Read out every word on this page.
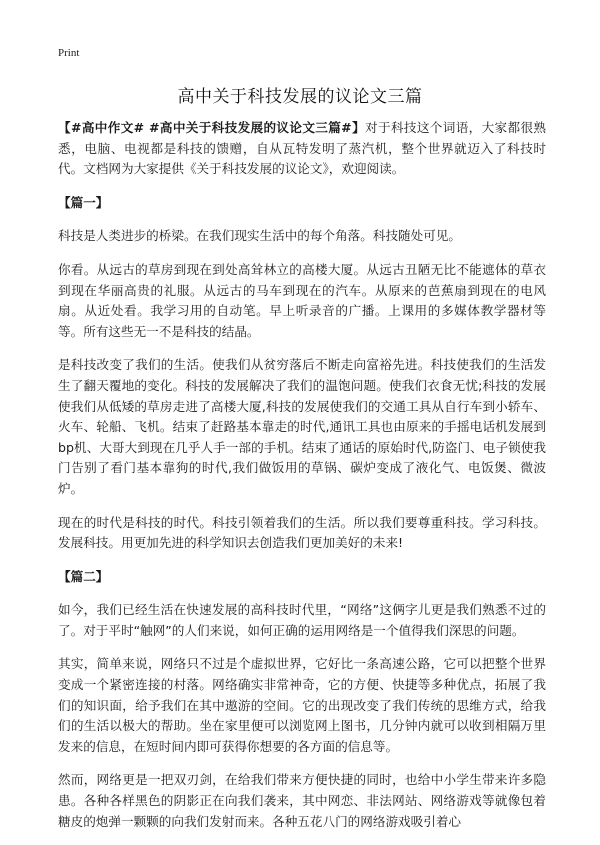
Print
高中关于科技发展的议论文三篇

【#高中作文# #高中关于科技发展的议论文三篇#】对于科技这个词语，大家都很熟悉，电脑、电视都是科技的馈赠，自从瓦特发明了蒸汽机，整个世界就迈入了科技时代。文档网为大家提供《关于科技发展的议论文》，欢迎阅读。

【篇一】

科技是人类进步的桥梁。在我们现实生活中的每个角落。科技随处可见。

你看。从远古的草房到现在到处高耸林立的高楼大厦。从远古丑陋无比不能遮体的草衣到现在华丽高贵的礼服。从远古的马车到现在的汽车。从原来的芭蕉扇到现在的电风扇。从近处看。我学习用的自动笔。早上听录音的广播。上课用的多媒体教学器材等等。所有这些无一不是科技的结晶。

是科技改变了我们的生活。使我们从贫穷落后不断走向富裕先进。科技使我们的生活发生了翻天覆地的变化。科技的发展解决了我们的温饱问题。使我们衣食无忧;科技的发展使我们从低矮的草房走进了高楼大厦,科技的发展使我们的交通工具从自行车到小轿车、火车、轮船、飞机。结束了赶路基本靠走的时代,通讯工具也由原来的手摇电话机发展到bp机、大哥大到现在几乎人手一部的手机。结束了通话的原始时代,防盗门、电子锁使我门告别了看门基本靠狗的时代,我们做饭用的草锅、碳炉变成了液化气、电饭煲、微波炉。

现在的时代是科技的时代。科技引领着我们的生活。所以我们要尊重科技。学习科技。发展科技。用更加先进的科学知识去创造我们更加美好的未来!

【篇二】

如今，我们已经生活在快速发展的高科技时代里，“网络”这俩字儿更是我们熟悉不过的了。对于平时“触网”的人们来说，如何正确的运用网络是一个值得我们深思的问题。

其实，简单来说，网络只不过是个虚拟世界，它好比一条高速公路，它可以把整个世界变成一个紧密连接的村落。网络确实非常神奇，它的方便、快捷等多种优点，拓展了我们的知识面，给予我们在其中遨游的空间。它的出现改变了我们传统的思维方式，给我们的生活以极大的帮助。坐在家里便可以浏览网上图书，几分钟内就可以收到相隔万里发来的信息，在短时间内即可获得你想要的各方面的信息等。

然而，网络更是一把双刃剑，在给我们带来方便快捷的同时，也给中小学生带来许多隐患。各种各样黑色的阴影正在向我们袭来，其中网恋、非法网站、网络游戏等就像包着糖皮的炮弹一颗颗的向我们发射而来。各种五花八门的网络游戏吸引着心
